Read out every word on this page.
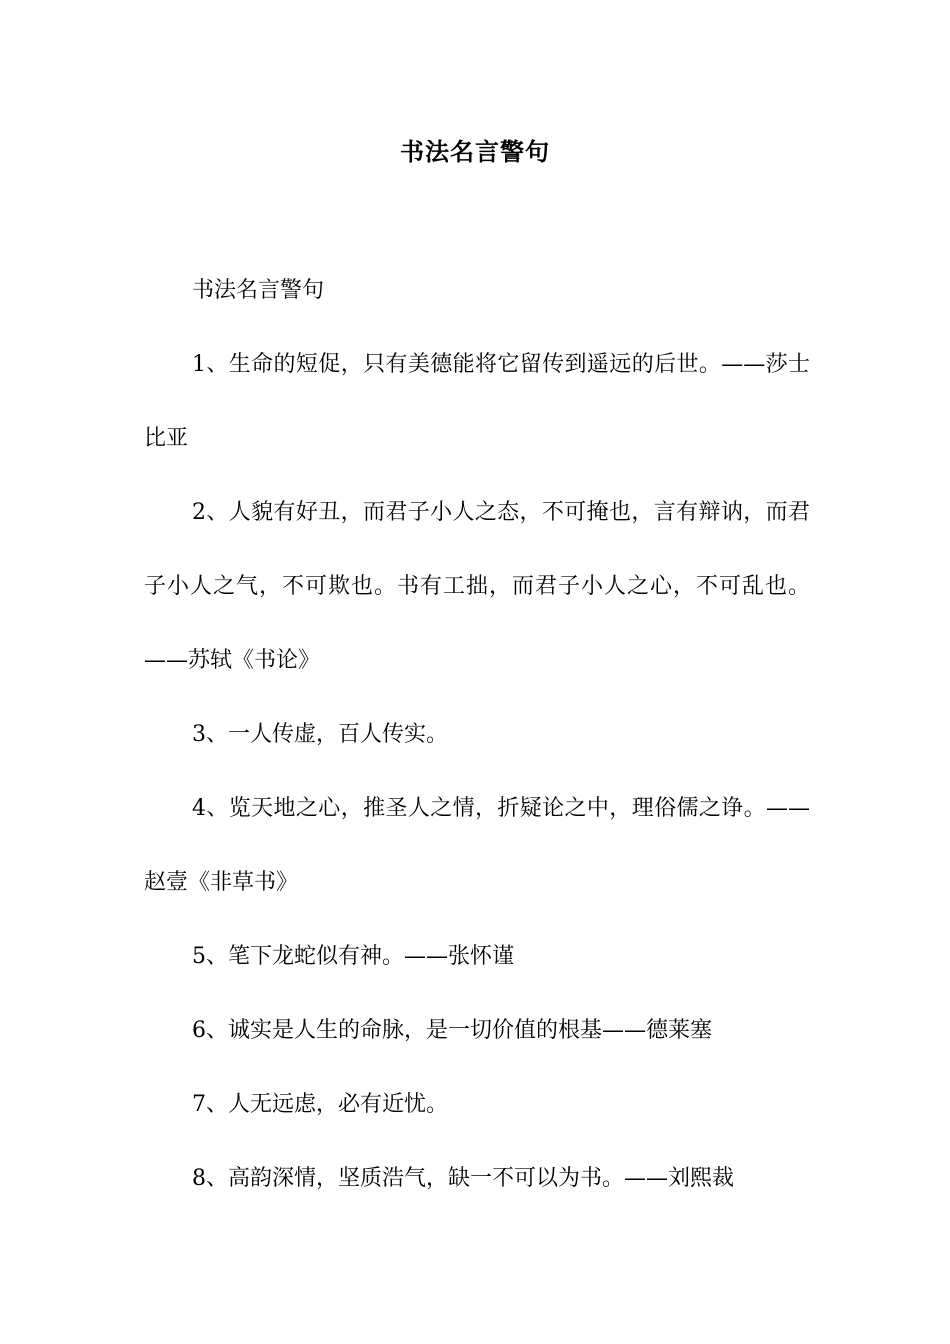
书法名言警句

书法名言警句

1、生命的短促，只有美德能将它留传到遥远的后世。——莎士比亚

2、人貌有好丑，而君子小人之态，不可掩也，言有辩讷，而君子小人之气，不可欺也。书有工拙，而君子小人之心，不可乱也。——苏轼《书论》

3、一人传虚，百人传实。

4、览天地之心，推圣人之情，折疑论之中，理俗儒之诤。——赵壹《非草书》

5、笔下龙蛇似有神。——张怀谨

6、诚实是人生的命脉，是一切价值的根基——德莱塞

7、人无远虑，必有近忧。

8、高韵深情，坚质浩气，缺一不可以为书。——刘熙裁
